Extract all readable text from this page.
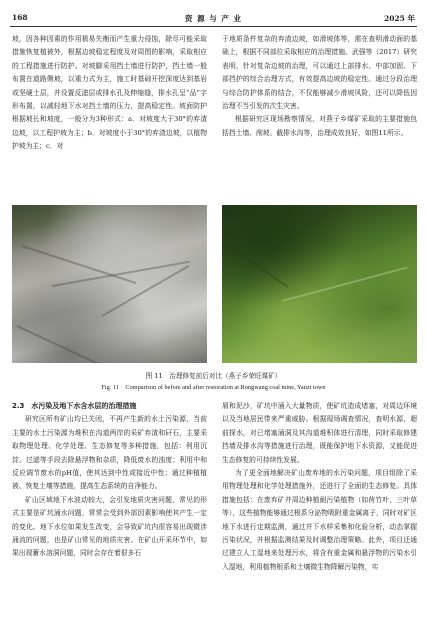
168	资 源 与 产 业	2025 年

坡，因各种因素的作用极易失衡而产生重力侵蚀，除尽可能采取措施恢复植被外，根据边坡稳定程度及对周围的影响，采取相应的工程措施进行防护。对坡脚采用挡土墙进行防护，挡土墙一般布置在道路侧坡，以重力式为主，施工时基础开挖深度达到基岩或坚硬土层，并设置反滤层或排水孔及伸缩缝，排水孔呈“品”字形布置，以减轻地下水对挡土墙的压力，提高稳定性。坡面防护根据坡长和坡度，一般分为3种形式：a．对坡度大于30°的弃渣边坡，以工程护坡为主；b．对坡度小于30°的弃渣边坡，以植物护坡为主；c．对

于地质条件复杂的弃渣边坡，如滑坡体等，需在查明滑动面的基础上，根据不同部位采取相应的治理措施。武强等（2017）研究表明，针对复杂边坡的治理，可以通过上部排水、中部加固、下部挡护的综合治理方式，有效提高边坡的稳定性。通过分段治理与综合防护体系的结合，不仅能够减少滑坡风险，还可以降低因治理不当引发的次生灾害。

根据研究区现场勘察情况，对燕子乡煤矿采取的主要措施包括挡土墙、削坡、截排水沟等，治理成效良好，如图11所示。

图 11　治理修复前后对比（燕子乡荣旺煤矿）
Fig. 11　Comparison of before and after restoration at Rongwang coal mine, Yanzi town

2.3　水污染及地下水含水层的治理措施

研究区所有矿山均已关闭，不再产生新的水土污染源，当前主要的水土污染源为堆积在沟道两岸的采矿弃渣和矸石，主要采取物理处理、化学处理、生态修复等多种措施，包括：利用沉淀、过滤等手段去除悬浮物和杂质，降低废水的浊度；利用中和反应调节废水的pH值，使其达到中性或接近中性；通过种植植被、恢复土壤等措施，提高生态系统的自净能力。

矿山区域地下水波动较大，会引发地质灾害问题，常见的形式主要是矿坑涌水问题，常常会受到外部因素影响使其产生一定的变化。地下水位如果发生改变，会导致矿坑内很容易出现微涉涌流的问题，也是矿山常见的地质灾害。在矿山开采环节中，如果出现蓄水溶洞问题，同时会存在着很多石

屑和泥沙，矿坑中涌入大量物质，使矿坑造成堵塞，对周边环境以及当地居民带来严重威胁。根据现场调查情况，查明水源，超前探水，对已堵塞涌洞及其沟道堆积体进行清理，同时采取修建挡墙及排水沟等措施进行治理，既能保护地下水资源，又能促进生态修复的可持续性发展。

为了更全面地解决矿山废弃地的水污染问题，项目组除了采用物理处理和化学处理措施外，还进行了全面的生态修复。具体措施包括：在废弃矿井周边种植耐污染植物（如荷竹叶、三叶草等），这些植物能够通过根系分泌物吸附重金属离子，同时对矿区地下水进行定期监测，通过井下水样采集和化验分析，动态掌握污染状况，并根据监测结果及时调整治理策略。此外，项目还通过建立人工湿地来处理污水，将含有重金属和悬浮物的污染水引入湿地，利用植物根系和土壤微生物降解污染物，实
